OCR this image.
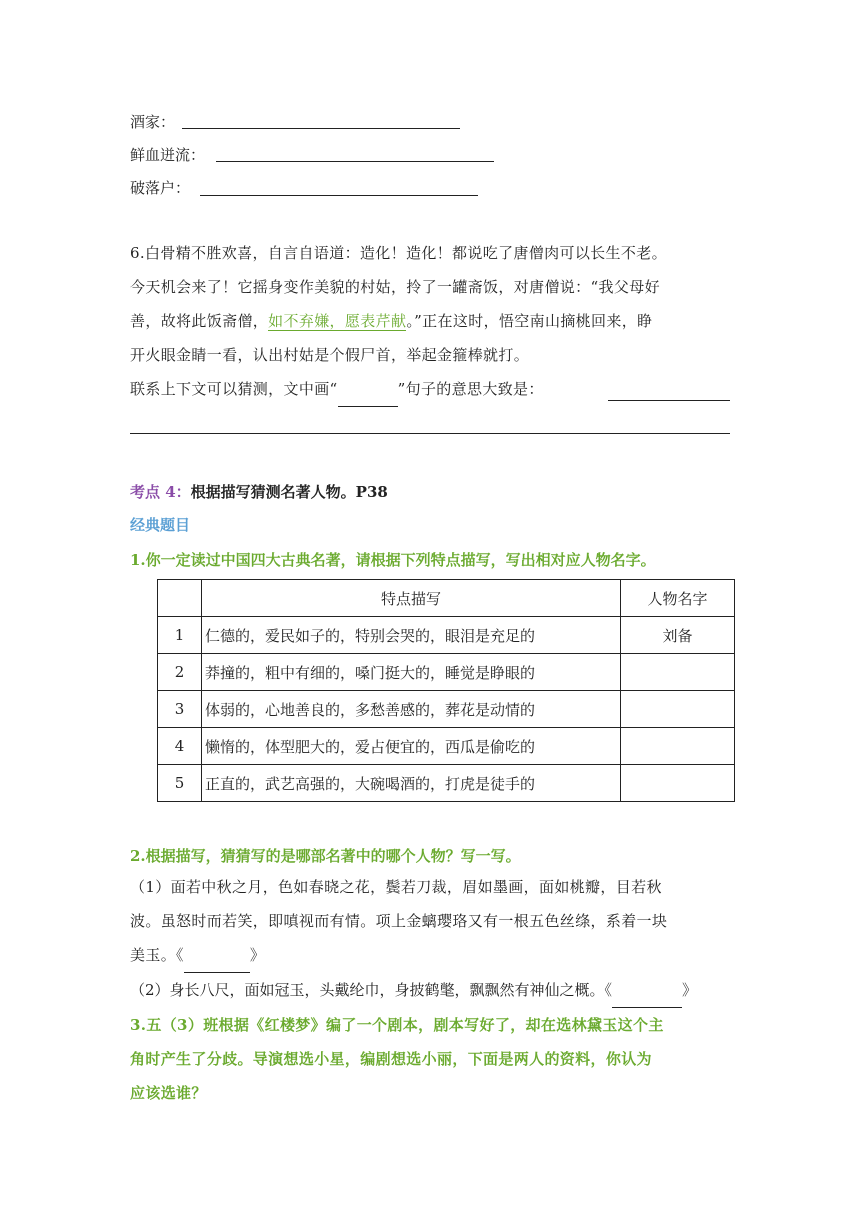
酒家：
鲜血迸流：
破落户：
6.白骨精不胜欢喜，自言自语道：造化！造化！都说吃了唐僧肉可以长生不老。
今天机会来了！它摇身变作美貌的村姑，拎了一罐斋饭，对唐僧说：“我父母好
善，故将此饭斋僧，如不弃嫌，愿表芹献。”正在这时，悟空南山摘桃回来，睁
开火眼金睛一看，认出村姑是个假尸首，举起金箍棒就打。
联系上下文可以猜测，文中画“	”句子的意思大致是：
考点 4：根据描写猜测名著人物。P38
经典题目
1.你一定读过中国四大古典名著，请根据下列特点描写，写出相对应人物名字。
	特点描写	人物名字
1	仁德的，爱民如子的，特别会哭的，眼泪是充足的	刘备
2	莽撞的，粗中有细的，嗓门挺大的，睡觉是睁眼的	
3	体弱的，心地善良的，多愁善感的，葬花是动情的	
4	懒惰的，体型肥大的，爱占便宜的，西瓜是偷吃的	
5	正直的，武艺高强的，大碗喝酒的，打虎是徒手的	
2.根据描写，猜猜写的是哪部名著中的哪个人物？写一写。
（1）面若中秋之月，色如春晓之花，鬓若刀裁，眉如墨画，面如桃瓣，目若秋
波。虽怒时而若笑，即嗔视而有情。项上金螭璎珞又有一根五色丝绦，系着一块
美玉。《	》
（2）身长八尺，面如冠玉，头戴纶巾，身披鹤氅，飘飘然有神仙之概。《	》
3.五（3）班根据《红楼梦》编了一个剧本，剧本写好了，却在选林黛玉这个主
角时产生了分歧。导演想选小星，编剧想选小丽，下面是两人的资料，你认为
应该选谁？
